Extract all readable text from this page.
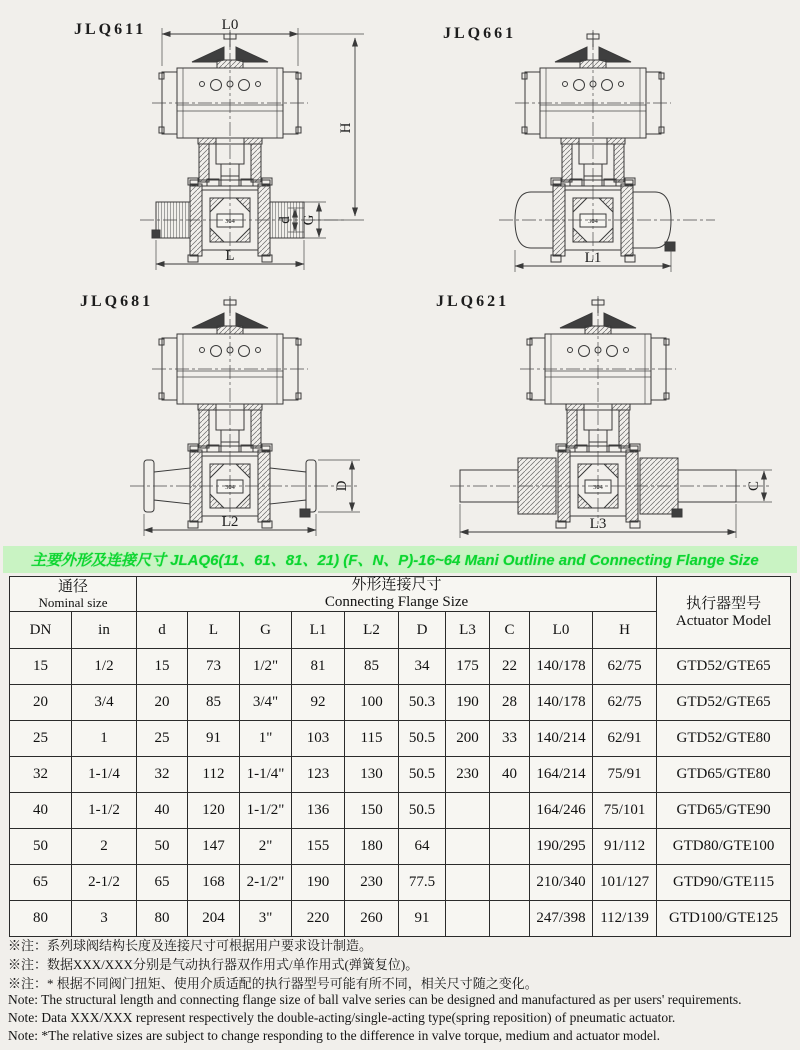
JLQ611
304
L0
H
d G
L
JLQ661
304
L1
JLQ681
304	D
L2
JLQ621
304	C
L3
主要外形及连接尺寸 JLAQ6(11、61、81、21) (F、N、P)-16~64 Mani Outline and Connecting Flange Size
通径
Nominal size		外形连接尺寸
Connecting Flange Size										执行器型号
Actuator Model

DN	in	d	L	G	L1	L2	D	L3	C	L0	H	
15	1/2	15	73	1/2"	81	85	34	175	22	140/178	62/75	GTD52/GTE65
20	3/4	20	85	3/4"	92	100	50.3	190	28	140/178	62/75	GTD52/GTE65
25	1	25	91	1"	103	115	50.5	200	33	140/214	62/91	GTD52/GTE80
32	1-1/4	32	112	1-1/4"	123	130	50.5	230	40	164/214	75/91	GTD65/GTE80
40	1-1/2	40	120	1-1/2"	136	150	50.5			164/246	75/101	GTD65/GTE90
50	2	50	147	2"	155	180	64			190/295	91/112	GTD80/GTE100
65	2-1/2	65	168	2-1/2"	190	230	77.5			210/340	101/127	GTD90/GTE115
80	3	80	204	3"	220	260	91			247/398	112/139	GTD100/GTE125
※注：系列球阀结构长度及连接尺寸可根据用户要求设计制造。
※注：数据XXX/XXX分别是气动执行器双作用式/单作用式(弹簧复位)。
※注：* 根据不同阀门扭矩、使用介质适配的执行器型号可能有所不同，相关尺寸随之变化。
Note: The structural length and connecting flange size of ball valve series can be designed and manufactured as per users' requirements.
Note: Data XXX/XXX represent respectively the double-acting/single-acting type(spring reposition) of pneumatic actuator.
Note: *The relative sizes are subject to change responding to the difference in valve torque, medium and actuator model.
